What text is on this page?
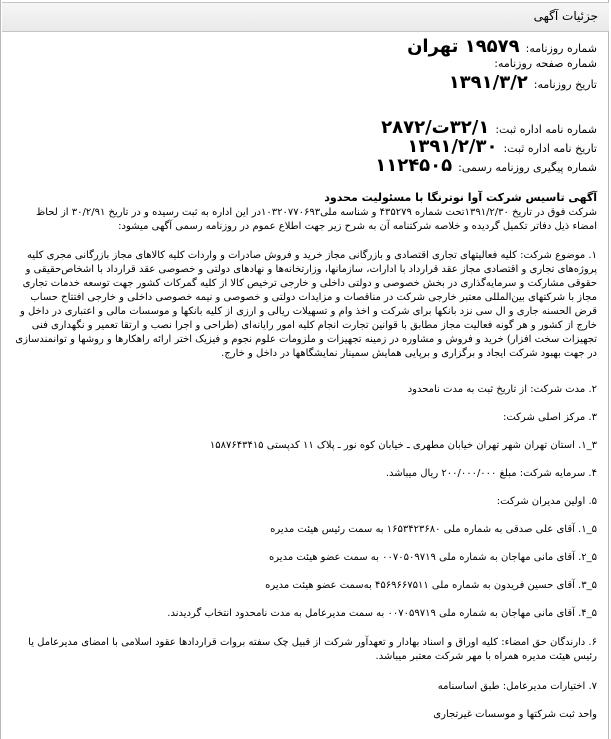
جزئیات آگهی
شماره روزنامه:۱۹۵۷۹ تهران
شماره صفحه روزنامه:
تاریخ روزنامه:۱۳۹۱/۳/۲
شماره نامه اداره ثبت:۳۲/۱ت/۲۸۷۲
تاریخ نامه اداره ثبت:۱۳۹۱/۲/۳۰
شماره پیگیری روزنامه رسمی:۱۱۲۴۵۰۵
آگهی تاسیس شرکت آوا نوترنگا با مسئولیت محدود
شرکت فوق در تاریخ ۱۳۹۱/۲/۳۰تحت شماره ۴۳۵۲۷۹ و شناسه ملی۱۰۳۲۰۷۷۰۶۹۳در این اداره به ثبت رسیده و در تاریخ ۳۰/۲/۹۱ از لحاظ امضاء ذیل دفاتر تکمیل گردیده و خلاصه شرکتنامه آن به شرح زیر جهت اطلاع عموم در روزنامه رسمی آگهی میشود:
۱. موضوع شرکت: کلیه فعالیتهای تجاری اقتصادی و بازرگانی مجاز خرید و فروش صادرات و واردات کلیه کالاهای مجاز بازرگانی مجری کلیه پروژه‌های تجاری و اقتصادی مجاز عقد قرارداد با ادارات، سازمانها، وزارتخانه‌ها و نهادهای دولتی و خصوصی عقد قرارداد با اشخاص‌حقیقی و حقوقی مشارکت و سرمایه‌گذاری در بخش خصوصی و دولتی داخلی و خارجی ترخیص کالا از کلیه گمرکات کشور جهت توسعه خدمات تجاری مجاز با شرکتهای بین‌المللی معتبر خارجی شرکت در مناقصات و مزایدات دولتی و خصوصی و نیمه خصوصی داخلی و خارجی افتتاح حساب قرض الحسنه جاری و ال سی نزد بانکها برای شرکت و اخذ وام و تسهیلات ریالی و ارزی از کلیه بانکها و موسسات مالی و اعتباری در داخل و خارج از کشور و هر گونه فعالیت مجاز مطابق با قوانین تجارت انجام کلیه امور رایانه‌ای (طراحی و اجرا نصب و ارتقا تعمیر و نگهداری فنی تجهیزات سخت افزار) خرید و فروش و مشاوره در زمینه تجهیزات و ملزومات علوم نجوم و فیزیک اختر ارائه راهکارها و روشها و توانمندسازی در جهت بهبود شرکت ایجاد و برگزاری و برپایی همایش سمینار نمایشگاهها در داخل و خارج.
۲. مدت شرکت: از تاریخ ثبت به مدت نامحدود
۳. مرکز اصلی شرکت:
۳_۱. استان تهران شهر تهران خیابان مطهری ـ خیابان کوه نور ـ پلاک ۱۱ کدپستی ۱۵۸۷۶۴۳۴۱۵
۴. سرمایه شرکت: مبلغ ۲۰۰/۰۰۰/۰۰۰ ریال میباشد.
۵. اولین مدیران شرکت:
۵_۱. آقای علی صدقی به شماره ملی ۱۶۵۳۴۲۳۶۸۰ به سمت رئیس هیئت مدیره
۵_۲. آقای مانی مهاجان به شماره ملی ۰۰۷۰۵۰۹۷۱۹ به سمت عضو هیئت مدیره
۵_۳. آقای حسین فریدون به شماره ملی ۴۵۶۹۶۶۷۵۱۱ به‌سمت عضو هیئت مدیره
۵_۴. آقای مانی مهاجان به شماره ملی ۰۰۷۰۵۹۷۱۹ به سمت مدیرعامل به مدت نامحدود انتخاب گردیدند.
۶. دارندگان حق امضاء: کلیه اوراق و اسناد بهادار و تعهدآور شرکت از قبیل چک سفته بروات قراردادها عقود اسلامی با امضای مدیرعامل یا رئیس هیئت مدیره همراه با مهر شرکت معتبر میباشد.
۷. اختیارات مدیرعامل: طبق اساسنامه
واحد ثبت شرکتها و موسسات غیرتجاری
